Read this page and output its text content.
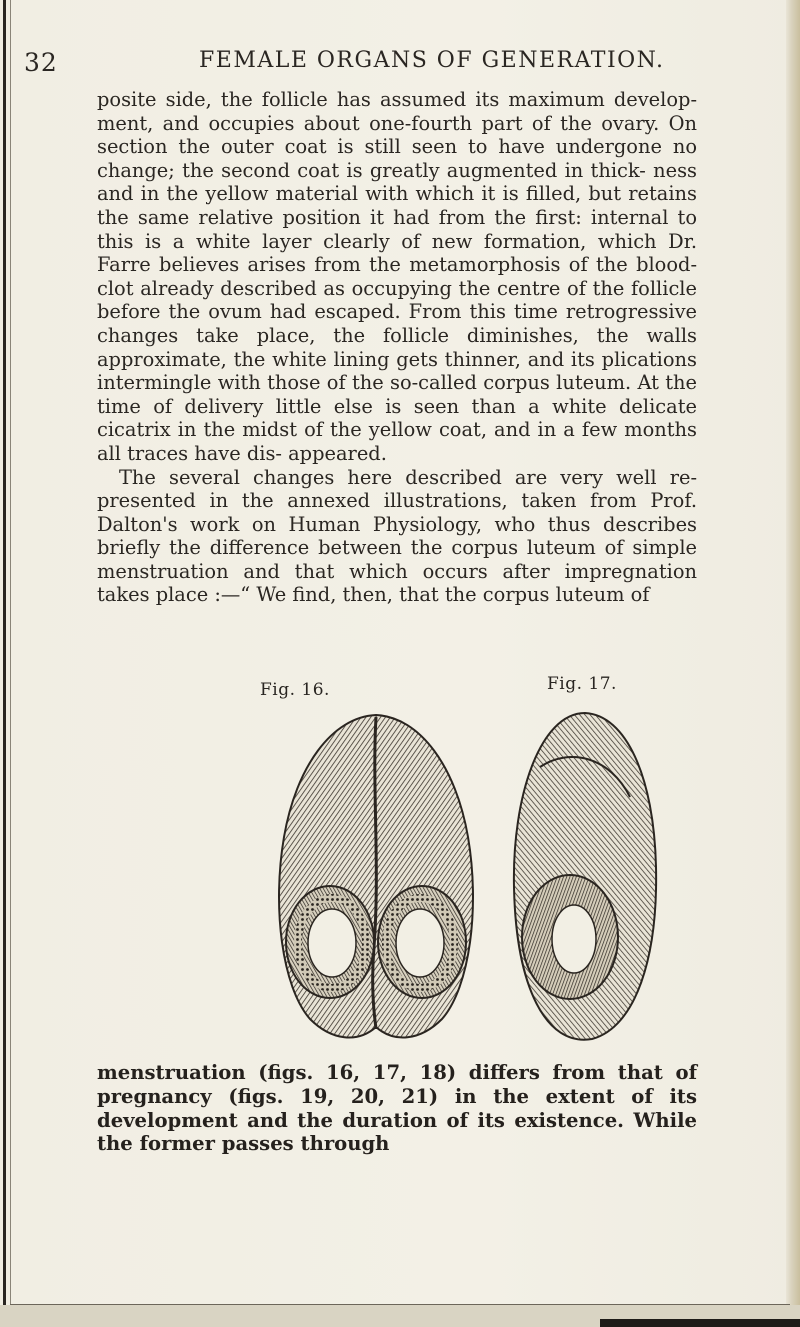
32	FEMALE ORGANS OF GENERATION.

posite side, the follicle has assumed its maximum develop- ment, and occupies about one-fourth part of the ovary. On section the outer coat is still seen to have undergone no change; the second coat is greatly augmented in thick- ness and in the yellow material with which it is filled, but retains the same relative position it had from the first: internal to this is a white layer clearly of new formation, which Dr. Farre believes arises from the metamorphosis of the blood-clot already described as occupying the centre of the follicle before the ovum had escaped. From this time retrogressive changes take place, the follicle diminishes, the walls approximate, the white lining gets thinner, and its plications intermingle with those of the so-called corpus luteum. At the time of delivery little else is seen than a white delicate cicatrix in the midst of the yellow coat, and in a few months all traces have dis- appeared.

The several changes here described are very well re- presented in the annexed illustrations, taken from Prof. Dalton's work on Human Physiology, who thus describes briefly the difference between the corpus luteum of simple menstruation and that which occurs after impregnation takes place :—“ We find, then, that the corpus luteum of

Fig. 16.	Fig. 17.

menstruation (figs. 16, 17, 18) differs from that of pregnancy (figs. 19, 20, 21) in the extent of its development and the duration of its existence. While the former passes through
